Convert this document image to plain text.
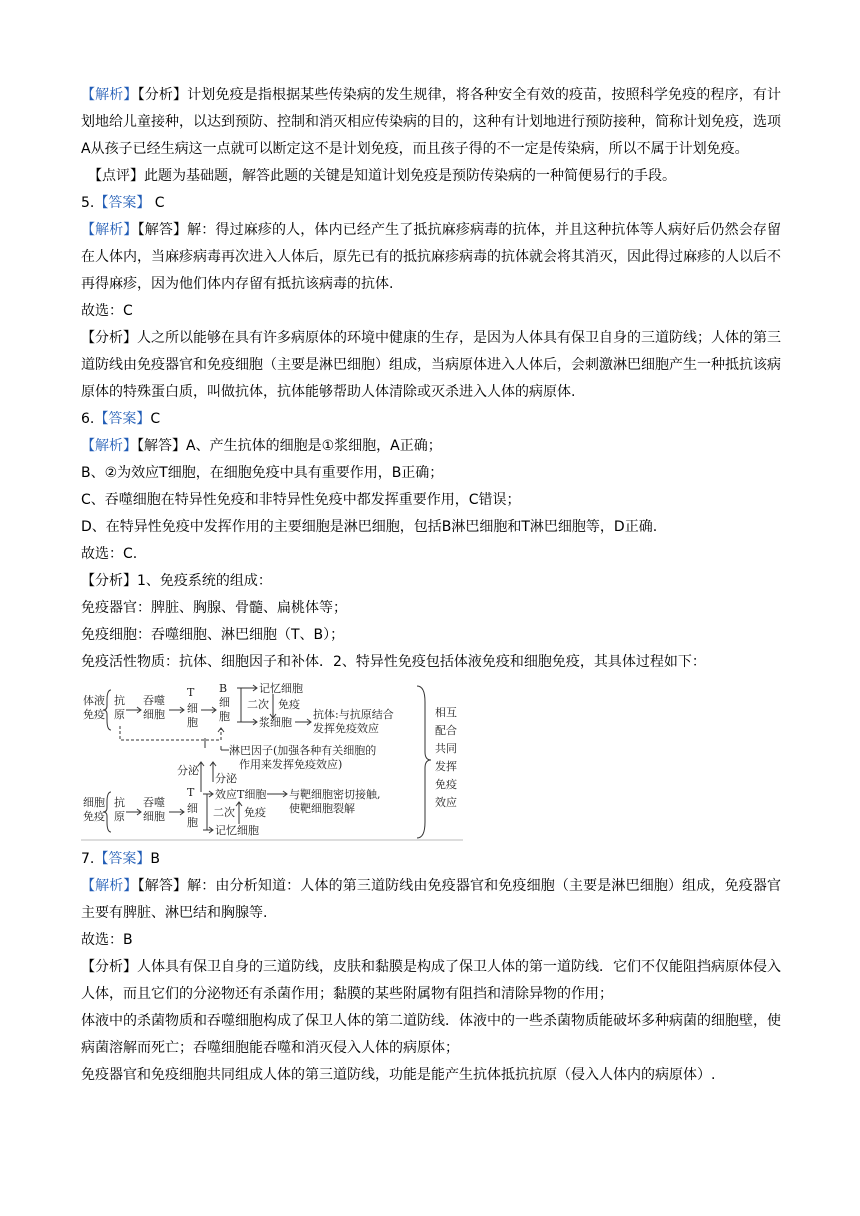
【解析】【分析】计划免疫是指根据某些传染病的发生规律，将各种安全有效的疫苗，按照科学免疫的程序，有计划地给儿童接种，以达到预防、控制和消灭相应传染病的目的，这种有计划地进行预防接种，简称计划免疫，选项A从孩子已经生病这一点就可以断定这不是计划免疫，而且孩子得的不一定是传染病，所以不属于计划免疫。

【点评】此题为基础题，解答此题的关键是知道计划免疫是预防传染病的一种简便易行的手段。

5.【答案】 C

【解析】【解答】解：得过麻疹的人，体内已经产生了抵抗麻疹病毒的抗体，并且这种抗体等人病好后仍然会存留在人体内，当麻疹病毒再次进入人体后，原先已有的抵抗麻疹病毒的抗体就会将其消灭，因此得过麻疹的人以后不再得麻疹，因为他们体内存留有抵抗该病毒的抗体.

故选：C

【分析】人之所以能够在具有许多病原体的环境中健康的生存，是因为人体具有保卫自身的三道防线；人体的第三道防线由免疫器官和免疫细胞（主要是淋巴细胞）组成，当病原体进入人体后，会刺激淋巴细胞产生一种抵抗该病原体的特殊蛋白质，叫做抗体，抗体能够帮助人体清除或灭杀进入人体的病原体.

6.【答案】C

【解析】【解答】A、产生抗体的细胞是①浆细胞，A正确；

B、②为效应T细胞，在细胞免疫中具有重要作用，B正确；

C、吞噬细胞在特异性免疫和非特异性免疫中都发挥重要作用，C错误；

D、在特异性免疫中发挥作用的主要细胞是淋巴细胞，包括B淋巴细胞和T淋巴细胞等，D正确.

故选：C.

【分析】1、免疫系统的组成：

免疫器官：脾脏、胸腺、骨髓、扁桃体等；

免疫细胞：吞噬细胞、淋巴细胞（T、B）；

免疫活性物质：抗体、细胞因子和补体．2、特异性免疫包括体液免疫和细胞免疫，其具体过程如下：

体液
免疫
抗
原
吞噬
细胞
T
细
胞
B
细
胞
记忆细胞
二次 免疫
浆细胞
抗体:与抗原结合
发挥免疫效应
淋巴因子(加强各种有关细胞的
作用来发挥免疫效应)
分泌
分泌
细胞
免疫
抗
原
吞噬
细胞
T
细
胞
效应T细胞 与靶细胞密切接触,
使靶细胞裂解
二次 免疫
记忆细胞
相互
配合
共同
发挥
免疫
效应

7.【答案】B

【解析】【解答】解：由分析知道：人体的第三道防线由免疫器官和免疫细胞（主要是淋巴细胞）组成，免疫器官主要有脾脏、淋巴结和胸腺等.

故选：B

【分析】人体具有保卫自身的三道防线，皮肤和黏膜是构成了保卫人体的第一道防线．它们不仅能阻挡病原体侵入人体，而且它们的分泌物还有杀菌作用；黏膜的某些附属物有阻挡和清除异物的作用；

体液中的杀菌物质和吞噬细胞构成了保卫人体的第二道防线．体液中的一些杀菌物质能破坏多种病菌的细胞壁，使病菌溶解而死亡；吞噬细胞能吞噬和消灭侵入人体的病原体；

免疫器官和免疫细胞共同组成人体的第三道防线，功能是能产生抗体抵抗抗原（侵入人体内的病原体）.
